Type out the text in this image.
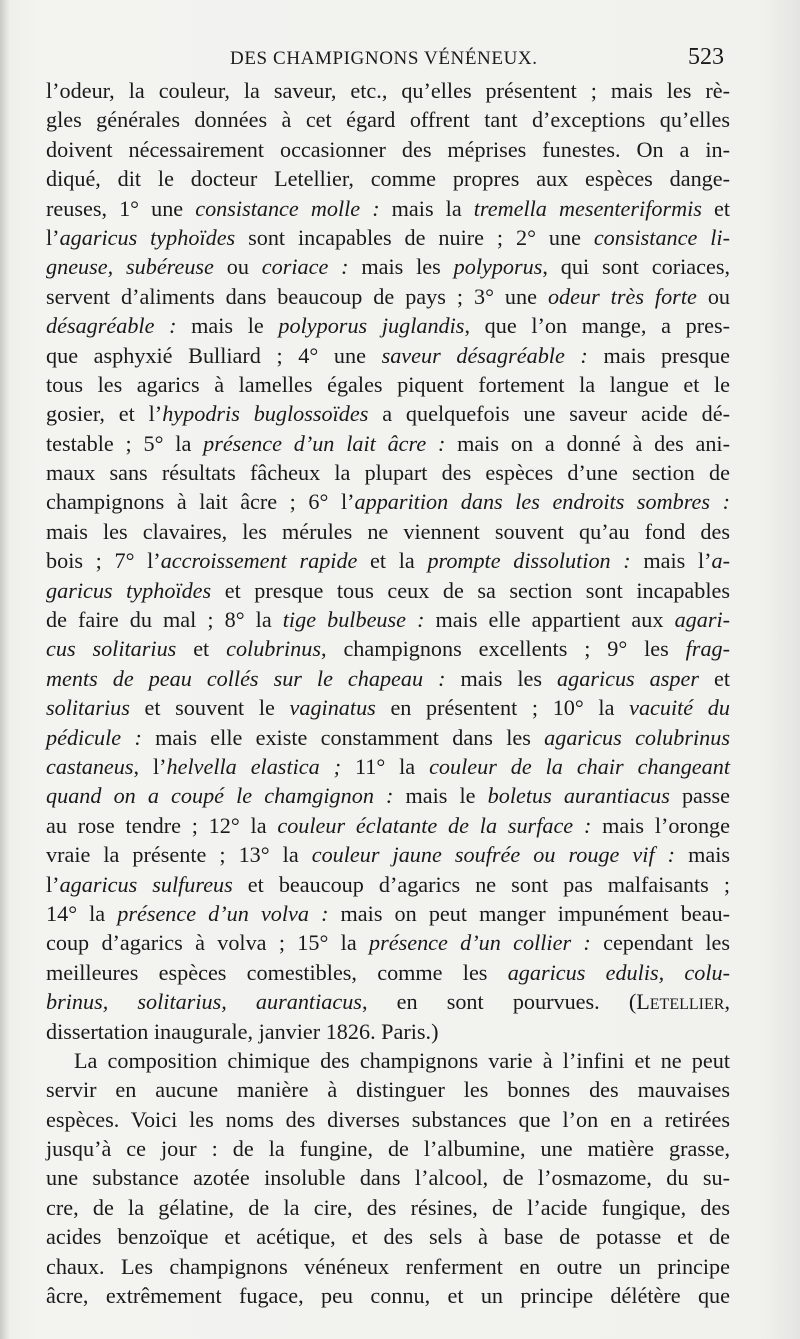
DES CHAMPIGNONS VÉNÉNEUX.	523
l’odeur, la couleur, la saveur, etc., qu’elles présentent ; mais les rè-
gles générales données à cet égard offrent tant d’exceptions qu’elles
doivent nécessairement occasionner des méprises funestes. On a in-
diqué, dit le docteur Letellier, comme propres aux espèces dange-
reuses, 1° une consistance molle : mais la tremella mesenteriformis et
l’agaricus typhoïdes sont incapables de nuire ; 2° une consistance li-
gneuse, subéreuse ou coriace : mais les polyporus, qui sont coriaces,
servent d’aliments dans beaucoup de pays ; 3° une odeur très forte ou
désagréable : mais le polyporus juglandis, que l’on mange, a pres-
que asphyxié Bulliard ; 4° une saveur désagréable : mais presque
tous les agarics à lamelles égales piquent fortement la langue et le
gosier, et l’hypodris buglossoïdes a quelquefois une saveur acide dé-
testable ; 5° la présence d’un lait âcre : mais on a donné à des ani-
maux sans résultats fâcheux la plupart des espèces d’une section de
champignons à lait âcre ; 6° l’apparition dans les endroits sombres :
mais les clavaires, les mérules ne viennent souvent qu’au fond des
bois ; 7° l’accroissement rapide et la prompte dissolution : mais l’a-
garicus typhoïdes et presque tous ceux de sa section sont incapables
de faire du mal ; 8° la tige bulbeuse : mais elle appartient aux agari-
cus solitarius et colubrinus, champignons excellents ; 9° les frag-
ments de peau collés sur le chapeau : mais les agaricus asper et
solitarius et souvent le vaginatus en présentent ; 10° la vacuité du
pédicule : mais elle existe constamment dans les agaricus colubrinus
castaneus, l’helvella elastica ; 11° la couleur de la chair changeant
quand on a coupé le chamgignon : mais le boletus aurantiacus passe
au rose tendre ; 12° la couleur éclatante de la surface : mais l’oronge
vraie la présente ; 13° la couleur jaune soufrée ou rouge vif : mais
l’agaricus sulfureus et beaucoup d’agarics ne sont pas malfaisants ;
14° la présence d’un volva : mais on peut manger impunément beau-
coup d’agarics à volva ; 15° la présence d’un collier : cependant les
meilleures espèces comestibles, comme les agaricus edulis, colu-
brinus, solitarius, aurantiacus, en sont pourvues. (Letellier,
dissertation inaugurale, janvier 1826. Paris.)
La composition chimique des champignons varie à l’infini et ne peut
servir en aucune manière à distinguer les bonnes des mauvaises
espèces. Voici les noms des diverses substances que l’on en a retirées
jusqu’à ce jour : de la fungine, de l’albumine, une matière grasse,
une substance azotée insoluble dans l’alcool, de l’osmazome, du su-
cre, de la gélatine, de la cire, des résines, de l’acide fungique, des
acides benzoïque et acétique, et des sels à base de potasse et de
chaux. Les champignons vénéneux renferment en outre un principe
âcre, extrêmement fugace, peu connu, et un principe délétère que
